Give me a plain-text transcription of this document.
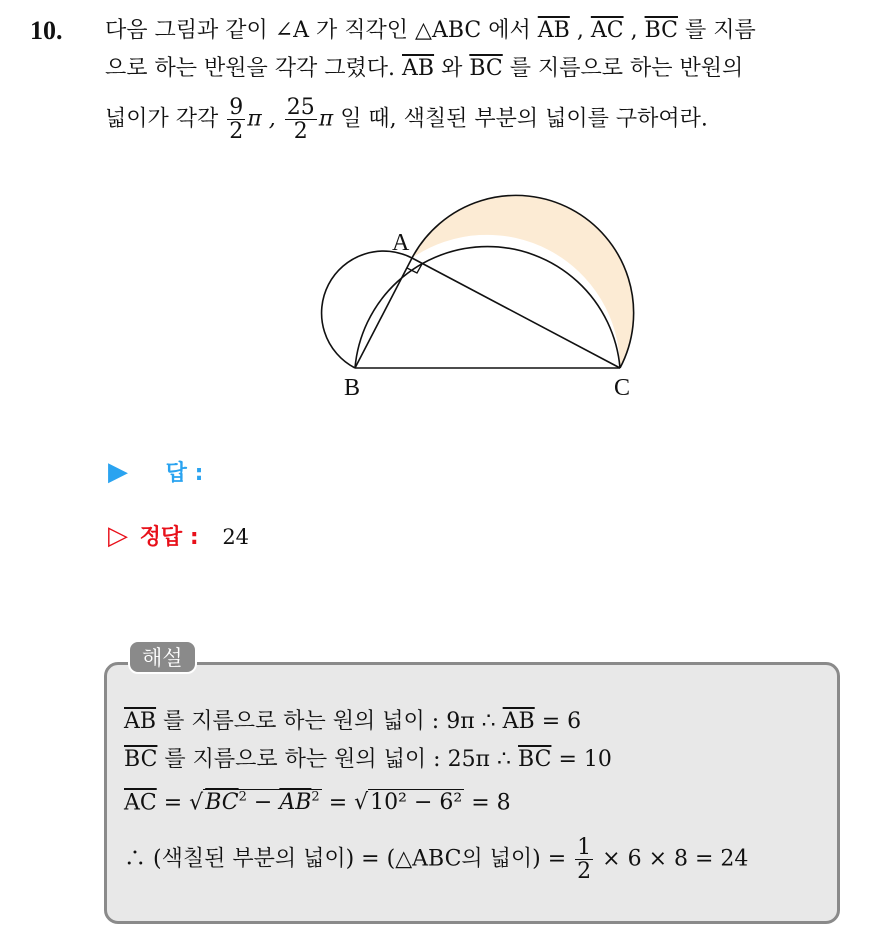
10. 다음 그림과 같이 ∠A 가 직각인 △ABC 에서 $\overline{AB}$ , $\overline{AC}$ , $\overline{BC}$ 를 지름
으로 하는 반원을 각각 그렸다. $\overline{AB}$ 와 $\overline{BC}$ 를 지름으로 하는 반원의
넓이가 각각 $\frac{9}{2}$ π , $\frac{25}{2}$ π 일 때, 색칠된 부분의 넓이를 구하여라.
A
B	C
▶ 답 :
▷ 정답 : 24
해설
$\overline{AB}$ 를 지름으로 하는 원의 넓이 : 9π ∴ $\overline{AB} = 6$
$\overline{BC}$ 를 지름으로 하는 원의 넓이 : 25π ∴ $\overline{BC} = 10$
$\overline{AC} = √BC^2 - \overline{AB}^2 = √10^2 - 6^2 = 8$
∴ (색칠된 부분의 넓이) = (△ABC의 넓이) = $\frac{1}{2} \times 6 \times 8 = 24$
